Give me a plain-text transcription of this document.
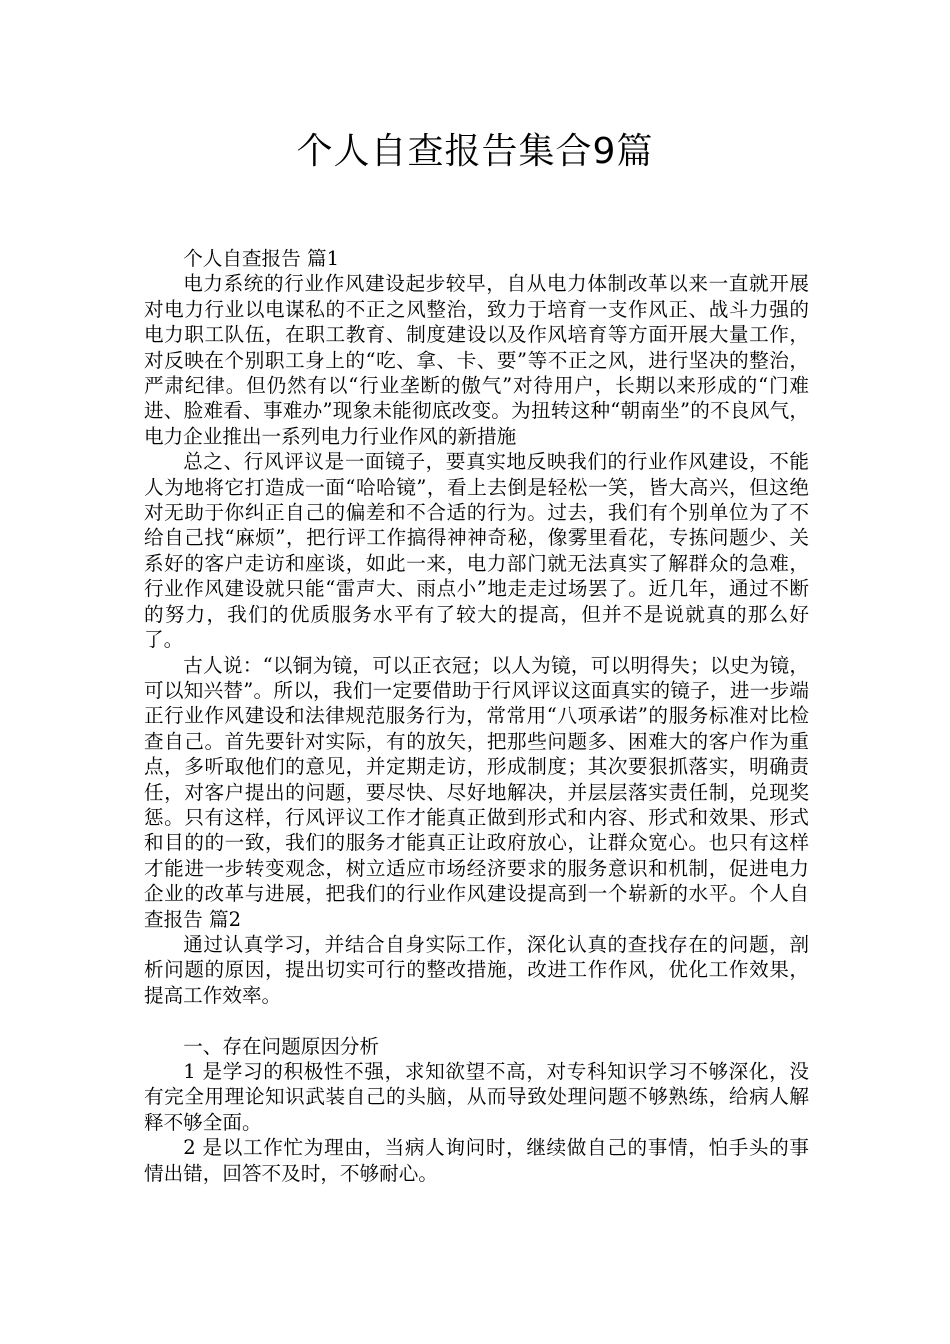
个人自查报告集合9篇

个人自查报告 篇1

电力系统的行业作风建设起步较早，自从电力体制改革以来一直就开展对电力行业以电谋私的不正之风整治，致力于培育一支作风正、战斗力强的电力职工队伍，在职工教育、制度建设以及作风培育等方面开展大量工作，对反映在个别职工身上的“吃、拿、卡、要”等不正之风，进行坚决的整治，严肃纪律。但仍然有以“行业垄断的傲气”对待用户，长期以来形成的“门难进、脸难看、事难办”现象未能彻底改变。为扭转这种“朝南坐”的不良风气，电力企业推出一系列电力行业作风的新措施

总之、行风评议是一面镜子，要真实地反映我们的行业作风建设，不能人为地将它打造成一面“哈哈镜”，看上去倒是轻松一笑，皆大高兴，但这绝对无助于你纠正自己的偏差和不合适的行为。过去，我们有个别单位为了不给自己找“麻烦”，把行评工作搞得神神奇秘，像雾里看花，专拣问题少、关系好的客户走访和座谈，如此一来，电力部门就无法真实了解群众的急难，行业作风建设就只能“雷声大、雨点小”地走走过场罢了。近几年，通过不断的努力，我们的优质服务水平有了较大的提高，但并不是说就真的那么好了。

古人说：“以铜为镜，可以正衣冠；以人为镜，可以明得失；以史为镜，可以知兴替”。所以，我们一定要借助于行风评议这面真实的镜子，进一步端正行业作风建设和法律规范服务行为，常常用“八项承诺”的服务标准对比检查自己。首先要针对实际，有的放矢，把那些问题多、困难大的客户作为重点，多听取他们的意见，并定期走访，形成制度；其次要狠抓落实，明确责任，对客户提出的问题，要尽快、尽好地解决，并层层落实责任制，兑现奖惩。只有这样，行风评议工作才能真正做到形式和内容、形式和效果、形式和目的的一致，我们的服务才能真正让政府放心，让群众宽心。也只有这样才能进一步转变观念，树立适应市场经济要求的服务意识和机制，促进电力企业的改革与进展，把我们的行业作风建设提高到一个崭新的水平。个人自查报告 篇2

通过认真学习，并结合自身实际工作，深化认真的查找存在的问题，剖析问题的原因，提出切实可行的整改措施，改进工作作风，优化工作效果，提高工作效率。

一、存在问题原因分析

1 是学习的积极性不强，求知欲望不高，对专科知识学习不够深化，没有完全用理论知识武装自己的头脑，从而导致处理问题不够熟练，给病人解释不够全面。

2 是以工作忙为理由，当病人询问时，继续做自己的事情，怕手头的事情出错，回答不及时，不够耐心。
